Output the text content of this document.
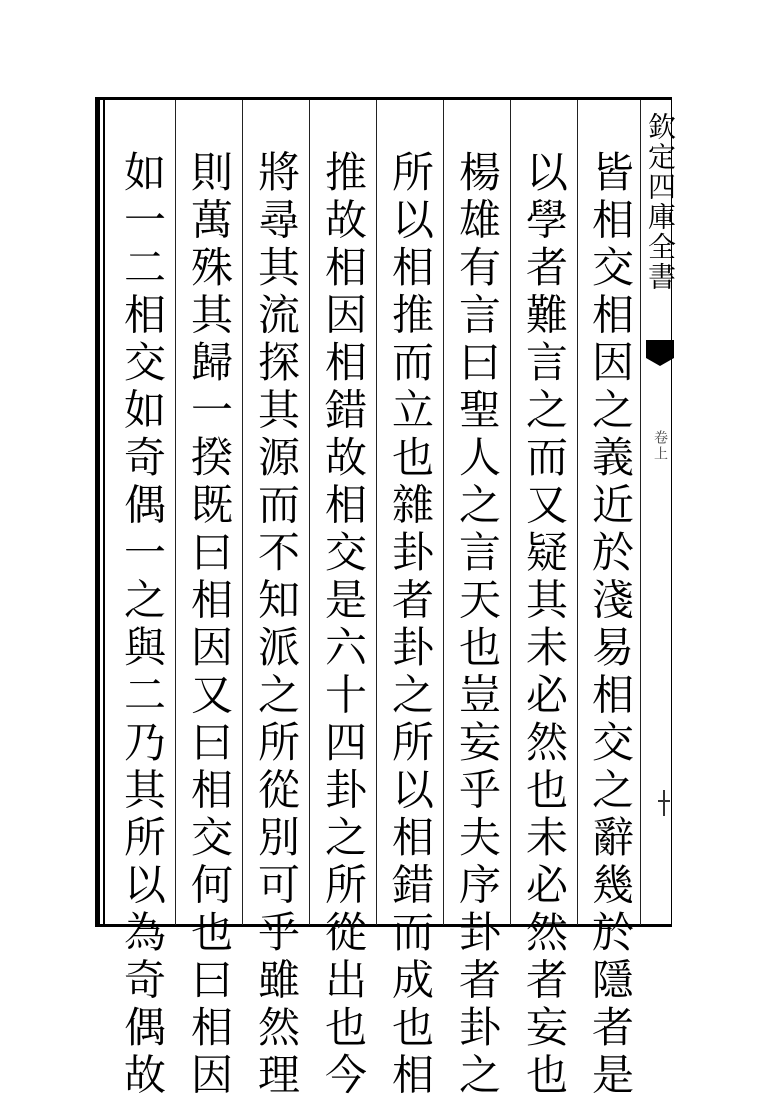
欽定四庫全書
卷上
皆相交相因之義近於淺易相交之辭幾於隱者是
以學者難言之而又疑其未必然也未必然者妄也
楊雄有言曰聖人之言天也豈妄乎夫序卦者卦之
所以相推而立也雜卦者卦之所以相錯而成也相
推故相因相錯故相交是六十四卦之所從出也今
將尋其流探其源而不知派之所從別可乎雖然理
則萬殊其歸一揆既曰相因又曰相交何也曰相因
如一二相交如奇偶一之與二乃其所以為奇偶故
